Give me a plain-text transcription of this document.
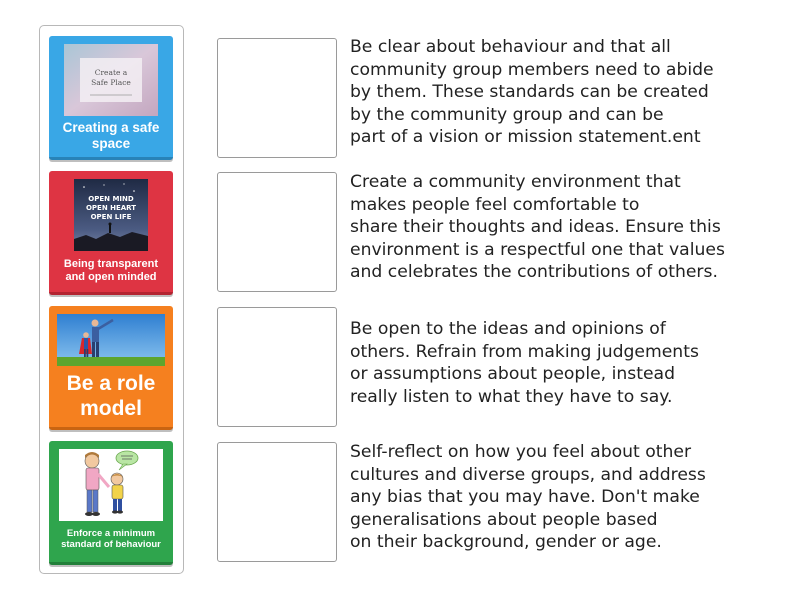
Create a
Safe Place
Creating a safe space
OPEN MIND
OPEN HEART
OPEN LIFE
Being transparent and open minded
Be a role model
Enforce a minimum standard of behaviour
Be clear about behaviour and that all
community group members need to abide
by them. These standards can be created
by the community group and can be
part of a vision or mission statement.ent
Create a community environment that
makes people feel comfortable to
share their thoughts and ideas. Ensure this
environment is a respectful one that values
and celebrates the contributions of others.
Be open to the ideas and opinions of
others. Refrain from making judgements
or assumptions about people, instead
really listen to what they have to say.
Self-reflect on how you feel about other
cultures and diverse groups, and address
any bias that you may have. Don't make
generalisations about people based
on their background, gender or age.
